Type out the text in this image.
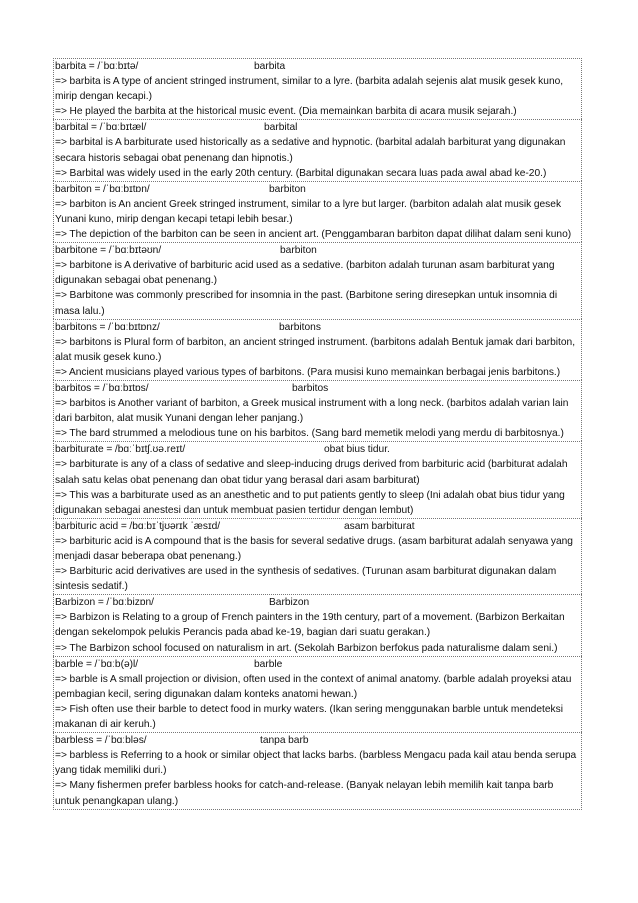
barbita = /ˈbɑːbɪtə/	barbita
=> barbita is A type of ancient stringed instrument, similar to a lyre. (barbita adalah sejenis alat musik gesek kuno, mirip dengan kecapi.)
=> He played the barbita at the historical music event. (Dia memainkan barbita di acara musik sejarah.)
barbital = /ˈbɑːbɪtæl/	barbital
=> barbital is A barbiturate used historically as a sedative and hypnotic. (barbital adalah barbiturat yang digunakan secara historis sebagai obat penenang dan hipnotis.)
=> Barbital was widely used in the early 20th century. (Barbital digunakan secara luas pada awal abad ke-20.)
barbiton = /ˈbɑːbɪtɒn/	barbiton
=> barbiton is An ancient Greek stringed instrument, similar to a lyre but larger. (barbiton adalah alat musik gesek Yunani kuno, mirip dengan kecapi tetapi lebih besar.)
=> The depiction of the barbiton can be seen in ancient art. (Penggambaran barbiton dapat dilihat dalam seni kuno)
barbitone = /ˈbɑːbɪtəʊn/	barbiton
=> barbitone is A derivative of barbituric acid used as a sedative. (barbiton adalah turunan asam barbiturat yang digunakan sebagai obat penenang.)
=> Barbitone was commonly prescribed for insomnia in the past. (Barbitone sering diresepkan untuk insomnia di masa lalu.)
barbitons = /ˈbɑːbɪtɒnz/	barbitons
=> barbitons is Plural form of barbiton, an ancient stringed instrument. (barbitons adalah Bentuk jamak dari barbiton, alat musik gesek kuno.)
=> Ancient musicians played various types of barbitons. (Para musisi kuno memainkan berbagai jenis barbitons.)
barbitos = /ˈbɑːbɪtɒs/	barbitos
=> barbitos is Another variant of barbiton, a Greek musical instrument with a long neck. (barbitos adalah varian lain dari barbiton, alat musik Yunani dengan leher panjang.)
=> The bard strummed a melodious tune on his barbitos. (Sang bard memetik melodi yang merdu di barbitosnya.)
barbiturate = /bɑːˈbɪtʃ.ʊə.reɪt/	obat bius tidur.
=> barbiturate is any of a class of sedative and sleep-inducing drugs derived from barbituric acid (barbiturat adalah salah satu kelas obat penenang dan obat tidur yang berasal dari asam barbiturat)
=> This was a barbiturate used as an anesthetic and to put patients gently to sleep (Ini adalah obat bius tidur yang digunakan sebagai anestesi dan untuk membuat pasien tertidur dengan lembut)
barbituric acid = /bɑːbɪˈtjʊərɪk ˈæsɪd/	asam barbiturat
=> barbituric acid is A compound that is the basis for several sedative drugs. (asam barbiturat adalah senyawa yang menjadi dasar beberapa obat penenang.)
=> Barbituric acid derivatives are used in the synthesis of sedatives. (Turunan asam barbiturat digunakan dalam sintesis sedatif.)
Barbizon = /ˈbɑːbizɒn/	Barbizon
=> Barbizon is Relating to a group of French painters in the 19th century, part of a movement. (Barbizon Berkaitan dengan sekelompok pelukis Perancis pada abad ke-19, bagian dari suatu gerakan.)
=> The Barbizon school focused on naturalism in art. (Sekolah Barbizon berfokus pada naturalisme dalam seni.)
barble = /ˈbɑːb(ə)l/	barble
=> barble is A small projection or division, often used in the context of animal anatomy. (barble adalah proyeksi atau pembagian kecil, sering digunakan dalam konteks anatomi hewan.)
=> Fish often use their barble to detect food in murky waters. (Ikan sering menggunakan barble untuk mendeteksi makanan di air keruh.)
barbless = /ˈbɑːbləs/	tanpa barb
=> barbless is Referring to a hook or similar object that lacks barbs. (barbless Mengacu pada kail atau benda serupa yang tidak memiliki duri.)
=> Many fishermen prefer barbless hooks for catch-and-release. (Banyak nelayan lebih memilih kait tanpa barb untuk penangkapan ulang.)
